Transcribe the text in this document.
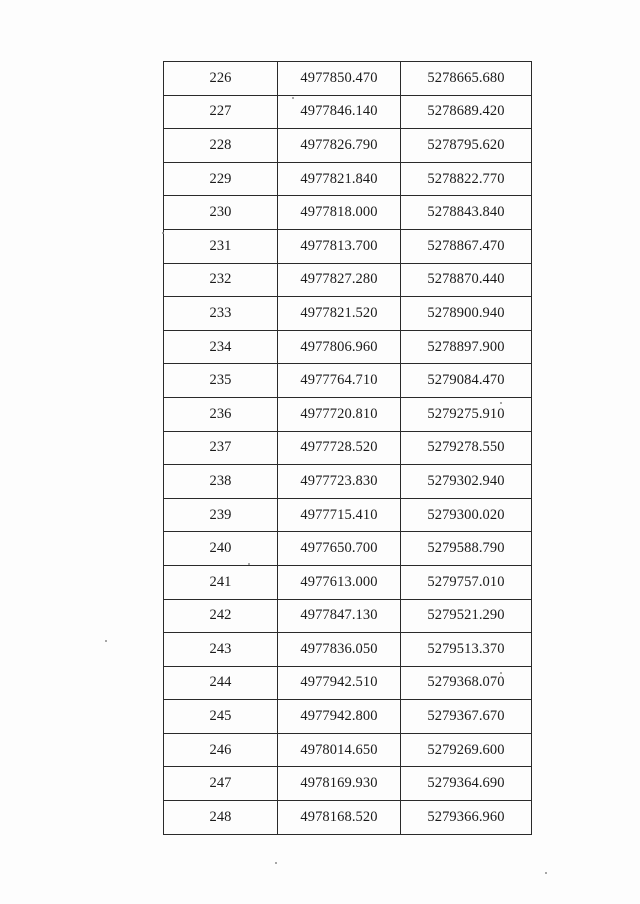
226	4977850.470	5278665.680
227	4977846.140	5278689.420
228	4977826.790	5278795.620
229	4977821.840	5278822.770
230	4977818.000	5278843.840
231	4977813.700	5278867.470
232	4977827.280	5278870.440
233	4977821.520	5278900.940
234	4977806.960	5278897.900
235	4977764.710	5279084.470
236	4977720.810	5279275.910
237	4977728.520	5279278.550
238	4977723.830	5279302.940
239	4977715.410	5279300.020
240	4977650.700	5279588.790
241	4977613.000	5279757.010
242	4977847.130	5279521.290
243	4977836.050	5279513.370
244	4977942.510	5279368.070
245	4977942.800	5279367.670
246	4978014.650	5279269.600
247	4978169.930	5279364.690
248	4978168.520	5279366.960
